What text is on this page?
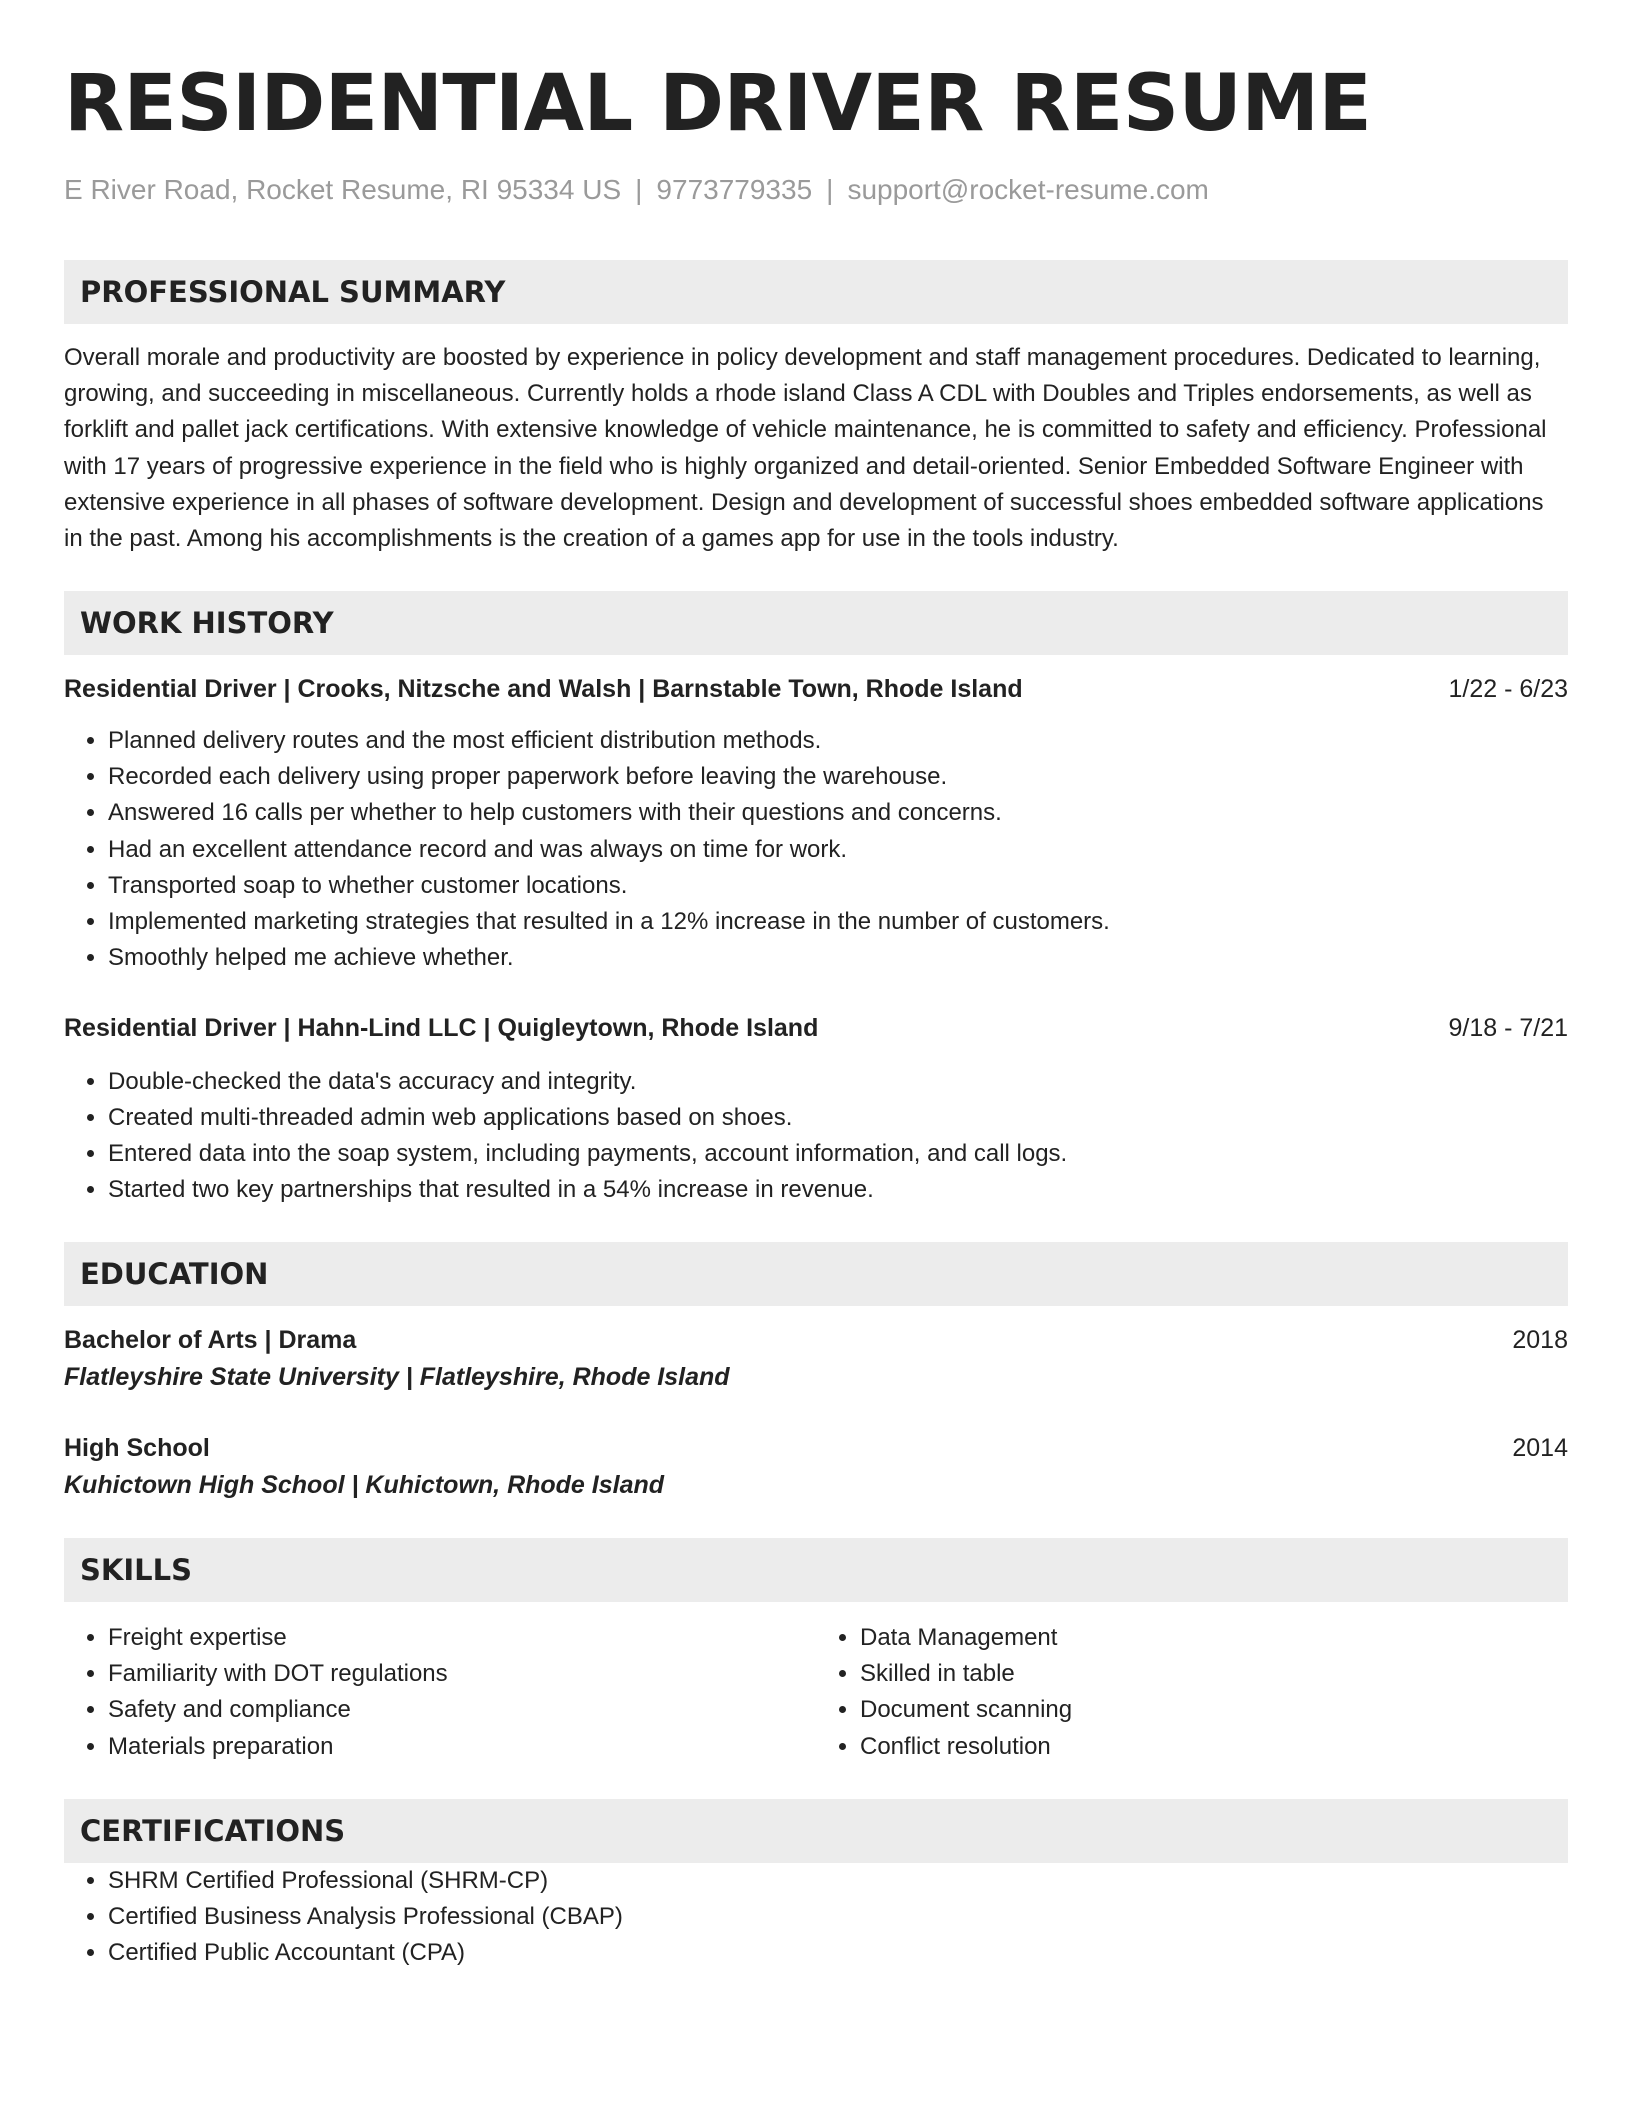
RESIDENTIAL DRIVER RESUME
E River Road, Rocket Resume, RI 95334 US | 9773779335 | support@rocket-resume.com
PROFESSIONAL SUMMARY
Overall morale and productivity are boosted by experience in policy development and staff management procedures. Dedicated to learning, growing, and succeeding in miscellaneous. Currently holds a rhode island Class A CDL with Doubles and Triples endorsements, as well as forklift and pallet jack certifications. With extensive knowledge of vehicle maintenance, he is committed to safety and efficiency. Professional with 17 years of progressive experience in the field who is highly organized and detail-oriented. Senior Embedded Software Engineer with extensive experience in all phases of software development. Design and development of successful shoes embedded software applications in the past. Among his accomplishments is the creation of a games app for use in the tools industry.
WORK HISTORY
Residential Driver | Crooks, Nitzsche and Walsh | Barnstable Town, Rhode Island	1/22 - 6/23
• Planned delivery routes and the most efficient distribution methods.
• Recorded each delivery using proper paperwork before leaving the warehouse.
• Answered 16 calls per whether to help customers with their questions and concerns.
• Had an excellent attendance record and was always on time for work.
• Transported soap to whether customer locations.
• Implemented marketing strategies that resulted in a 12% increase in the number of customers.
• Smoothly helped me achieve whether.
Residential Driver | Hahn-Lind LLC | Quigleytown, Rhode Island	9/18 - 7/21
• Double-checked the data's accuracy and integrity.
• Created multi-threaded admin web applications based on shoes.
• Entered data into the soap system, including payments, account information, and call logs.
• Started two key partnerships that resulted in a 54% increase in revenue.
EDUCATION
Bachelor of Arts | Drama
Flatleyshire State University | Flatleyshire, Rhode Island
2018
High School
Kuhictown High School | Kuhictown, Rhode Island
2014
SKILLS
• Freight expertise
• Familiarity with DOT regulations
• Safety and compliance
• Materials preparation
• Data Management
• Skilled in table
• Document scanning
• Conflict resolution
CERTIFICATIONS
• SHRM Certified Professional (SHRM-CP)
• Certified Business Analysis Professional (CBAP)
• Certified Public Accountant (CPA)
